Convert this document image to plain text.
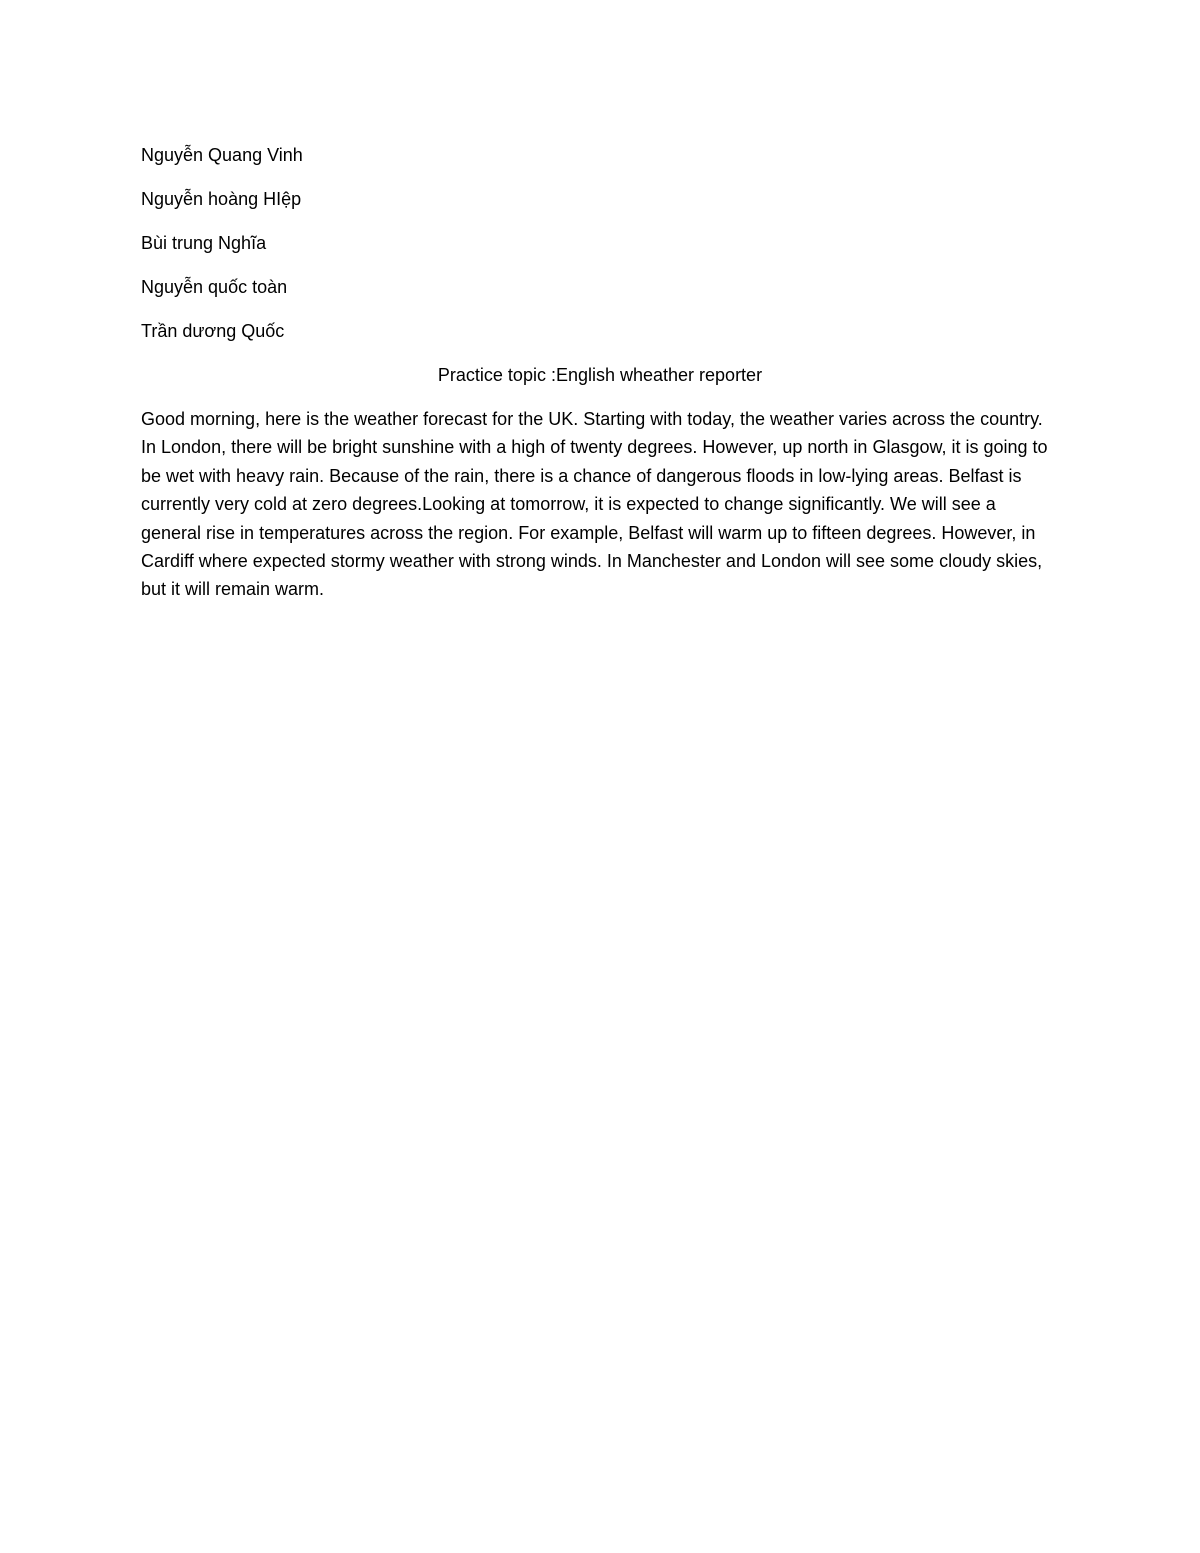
Nguyễn Quang Vinh

Nguyễn hoàng HIệp

Bùi trung Nghĩa

Nguyễn quốc toàn

Trần dương Quốc

Practice topic :English wheather reporter

Good morning, here is the weather forecast for the UK. Starting with today, the weather varies across the country. In London, there will be bright sunshine with a high of twenty degrees. However, up north in Glasgow, it is going to be wet with heavy rain. Because of the rain, there is a chance of dangerous floods in low-lying areas. Belfast is currently very cold at zero degrees.Looking at tomorrow, it is expected to change significantly. We will see a general rise in temperatures across the region. For example, Belfast will warm up to fifteen degrees. However, in Cardiff where expected stormy weather with strong winds. In Manchester and London will see some cloudy skies, but it will remain warm.
